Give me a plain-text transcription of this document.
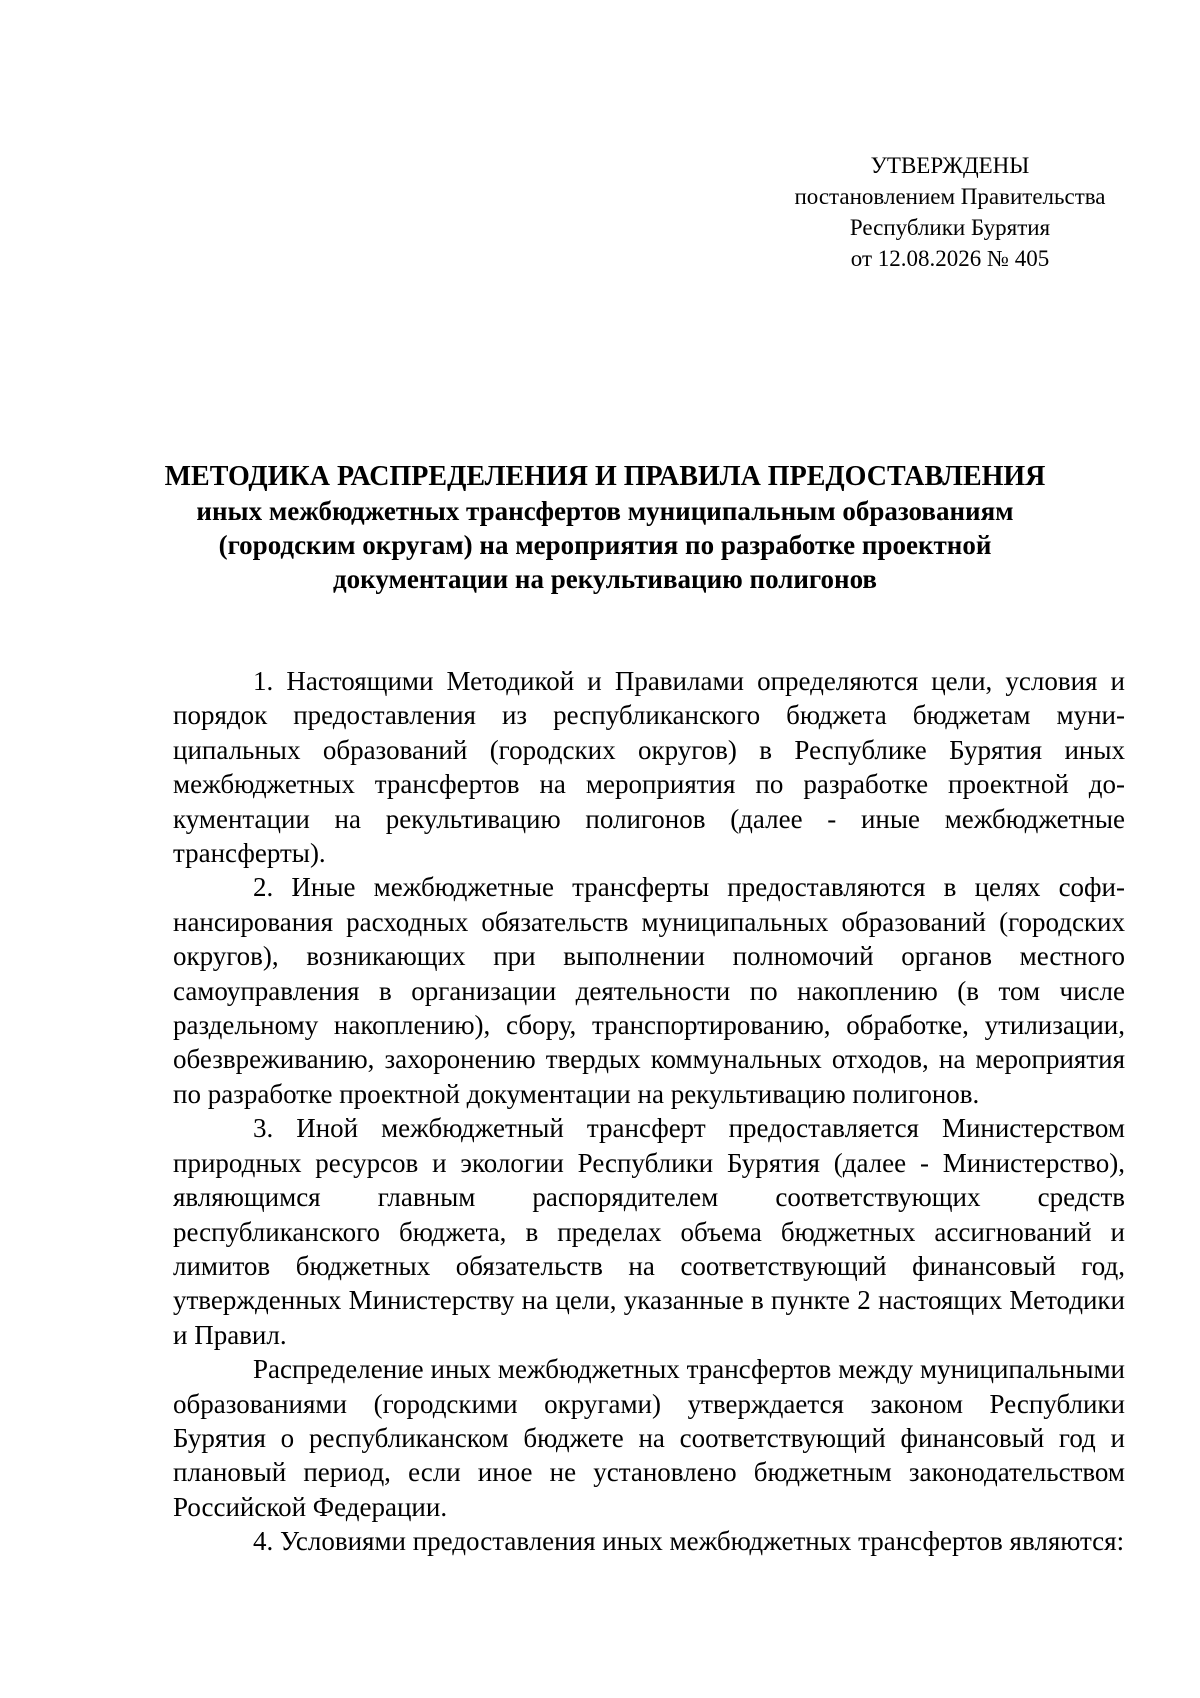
УТВЕРЖДЕНЫ
постановлением Правительства
Республики Бурятия
от 12.08.2026 № 405
МЕТОДИКА РАСПРЕДЕЛЕНИЯ И ПРАВИЛА ПРЕДОСТАВЛЕНИЯ
иных межбюджетных трансфертов муниципальным образованиям
(городским округам) на мероприятия по разработке проектной
документации на рекультивацию полигонов

1. Настоящими Методикой и Правилами определяются цели, условия и порядок предоставления из республиканского бюджета бюджетам муниципальных образований (городских округов) в Республике Бурятия иных межбюджетных трансфертов на мероприятия по разработке проектной документации на рекультивацию полигонов (далее - иные межбюджетные трансферты).

2. Иные межбюджетные трансферты предоставляются в целях софинансирования расходных обязательств муниципальных образований (городских округов), возникающих при выполнении полномочий органов местного самоуправления в организации деятельности по накоплению (в том числе раздельному накоплению), сбору, транспортированию, обработке, утилизации, обезвреживанию, захоронению твердых коммунальных отходов, на мероприятия по разработке проектной документации на рекультивацию полигонов.

3. Иной межбюджетный трансферт предоставляется Министерством природных ресурсов и экологии Республики Бурятия (далее - Министерство), являющимся главным распорядителем соответствующих средств республиканского бюджета, в пределах объема бюджетных ассигнований и лимитов бюджетных обязательств на соответствующий финансовый год, утвержденных Министерству на цели, указанные в пункте 2 настоящих Методики и Правил.

Распределение иных межбюджетных трансфертов между муниципальными образованиями (городскими округами) утверждается законом Республики Бурятия о республиканском бюджете на соответствующий финансовый год и плановый период, если иное не установлено бюджетным законодательством Российской Федерации.

4. Условиями предоставления иных межбюджетных трансфертов являются:
